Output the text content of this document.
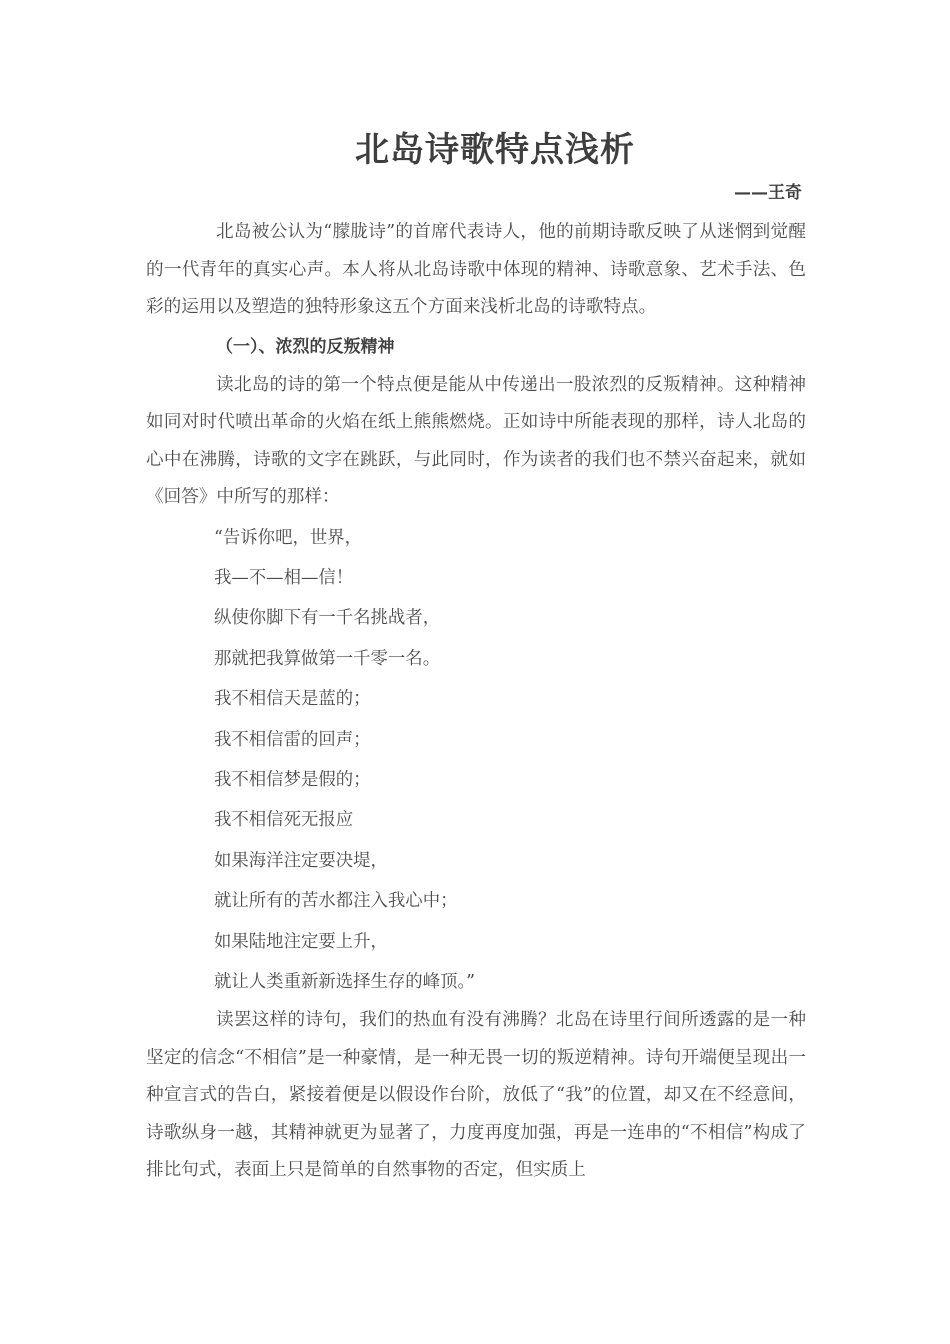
北岛诗歌特点浅析
——王奇

北岛被公认为“朦胧诗”的首席代表诗人，他的前期诗歌反映了从迷惘到觉醒的一代青年的真实心声。本人将从北岛诗歌中体现的精神、诗歌意象、艺术手法、色彩的运用以及塑造的独特形象这五个方面来浅析北岛的诗歌特点。

（一）、浓烈的反叛精神

读北岛的诗的第一个特点便是能从中传递出一股浓烈的反叛精神。这种精神如同对时代喷出革命的火焰在纸上熊熊燃烧。正如诗中所能表现的那样，诗人北岛的心中在沸腾，诗歌的文字在跳跃，与此同时，作为读者的我们也不禁兴奋起来，就如《回答》中所写的那样：

“告诉你吧，世界，
我—不—相—信！
纵使你脚下有一千名挑战者，
那就把我算做第一千零一名。
我不相信天是蓝的；
我不相信雷的回声；
我不相信梦是假的；
我不相信死无报应
如果海洋注定要决堤，
就让所有的苦水都注入我心中；
如果陆地注定要上升，
就让人类重新新选择生存的峰顶。”

读罢这样的诗句，我们的热血有没有沸腾？北岛在诗里行间所透露的是一种坚定的信念“不相信”是一种豪情，是一种无畏一切的叛逆精神。诗句开端便呈现出一种宣言式的告白，紧接着便是以假设作台阶，放低了“我”的位置，却又在不经意间，诗歌纵身一越，其精神就更为显著了，力度再度加强，再是一连串的“不相信”构成了排比句式，表面上只是简单的自然事物的否定，但实质上
